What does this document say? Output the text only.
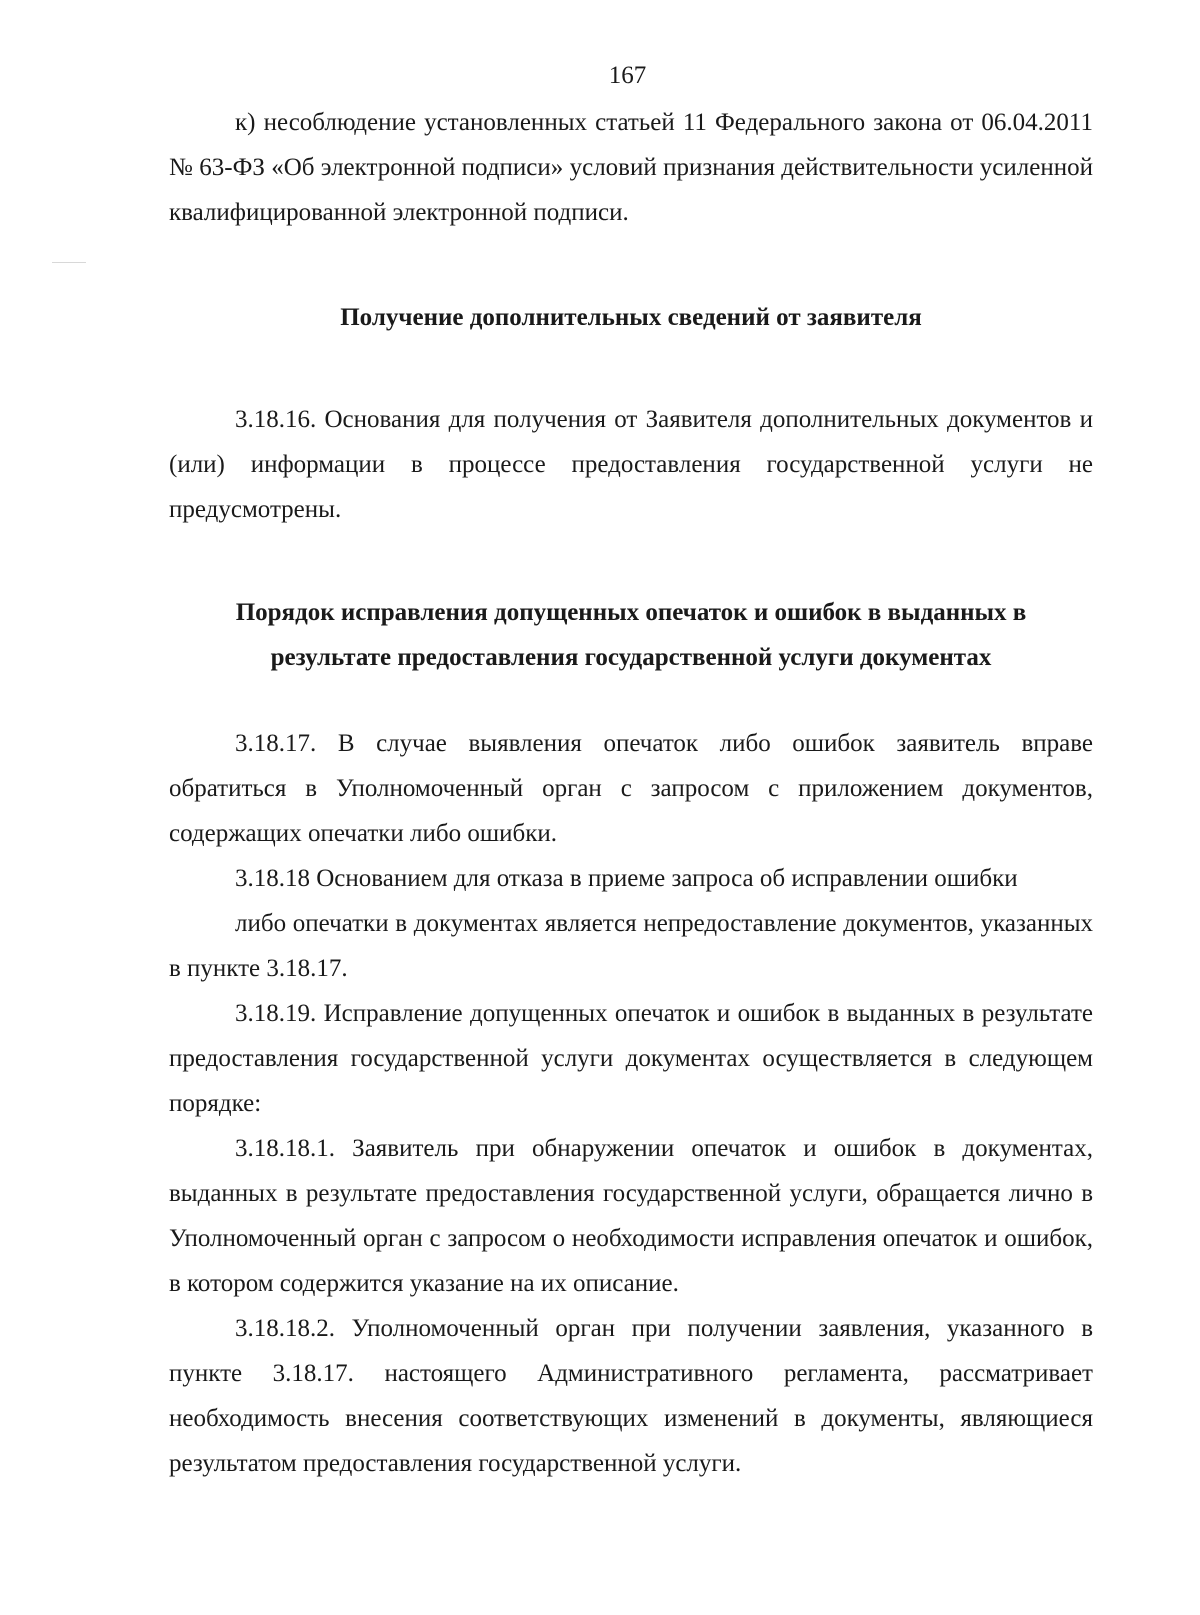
167

к) несоблюдение установленных статьей 11 Федерального закона от 06.04.2011 № 63-ФЗ «Об электронной подписи» условий признания действительности усиленной квалифицированной электронной подписи.

Получение дополнительных сведений от заявителя

3.18.16. Основания для получения от Заявителя дополнительных документов и (или) информации в процессе предоставления государственной услуги не предусмотрены.

Порядок исправления допущенных опечаток и ошибок в выданных в
результате предоставления государственной услуги документах

3.18.17. В случае выявления опечаток либо ошибок заявитель вправе обратиться в Уполномоченный орган с запросом с приложением документов, содержащих опечатки либо ошибки.

3.18.18 Основанием для отказа в приеме запроса об исправлении ошибки

либо опечатки в документах является непредоставление документов, указанных в пункте 3.18.17.

3.18.19. Исправление допущенных опечаток и ошибок в выданных в результате предоставления государственной услуги документах осуществляется в следующем порядке:

3.18.18.1. Заявитель при обнаружении опечаток и ошибок в документах, выданных в результате предоставления государственной услуги, обращается лично в Уполномоченный орган с запросом о необходимости исправления опечаток и ошибок, в котором содержится указание на их описание.

3.18.18.2. Уполномоченный орган при получении заявления, указанного в пункте 3.18.17. настоящего Административного регламента, рассматривает необходимость внесения соответствующих изменений в документы, являющиеся результатом предоставления государственной услуги.
